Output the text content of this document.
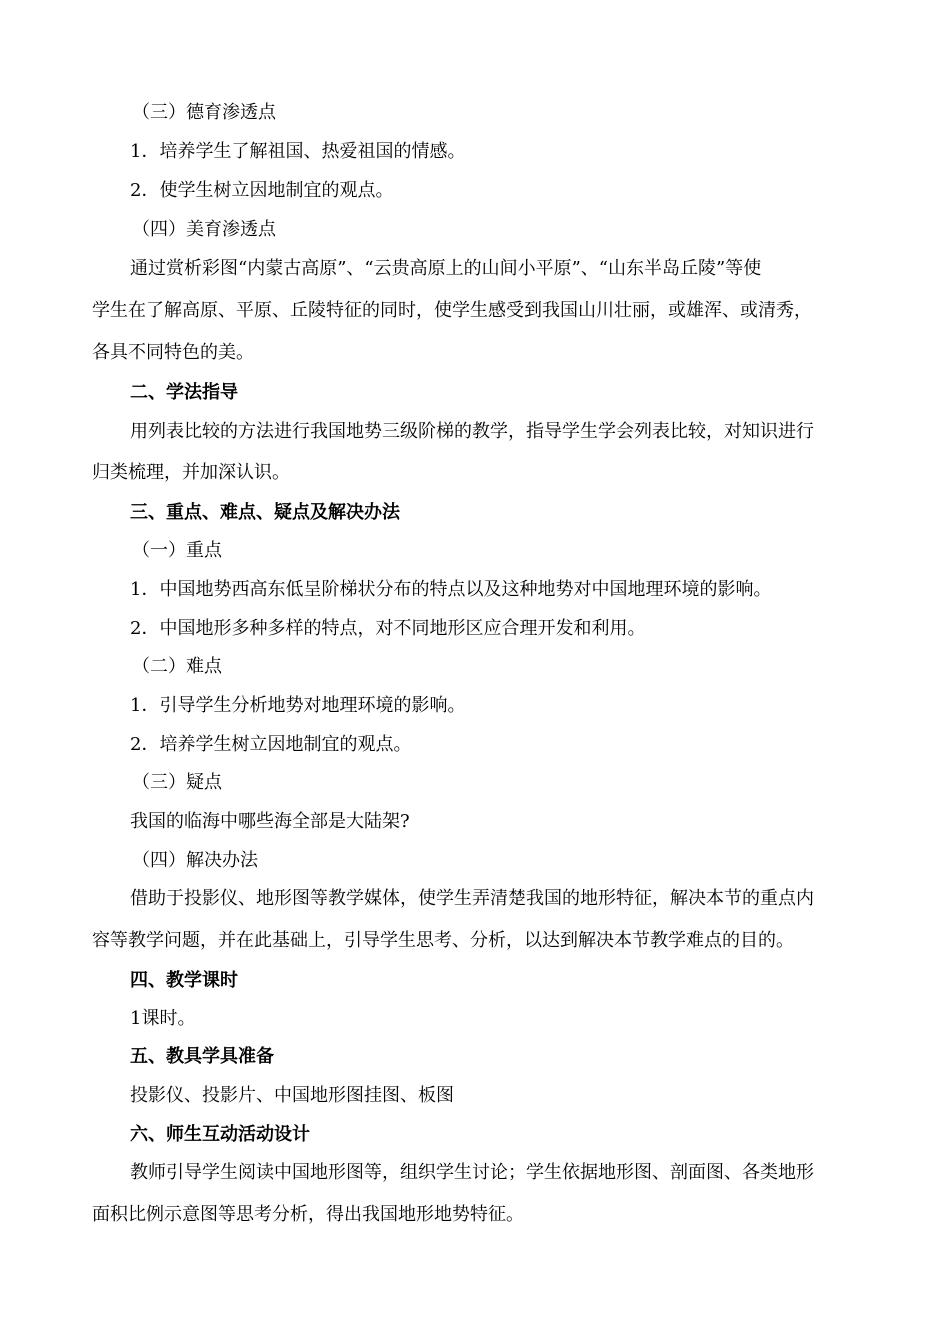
（三）德育渗透点
1．培养学生了解祖国、热爱祖国的情感。
2．使学生树立因地制宜的观点。
（四）美育渗透点
通过赏析彩图“内蒙古高原”、“云贵高原上的山间小平原”、“山东半岛丘陵”等使
学生在了解高原、平原、丘陵特征的同时，使学生感受到我国山川壮丽，或雄浑、或清秀，
各具不同特色的美。
二、学法指导
用列表比较的方法进行我国地势三级阶梯的教学，指导学生学会列表比较，对知识进行
归类梳理，并加深认识。
三、重点、难点、疑点及解决办法
（一）重点
1．中国地势西高东低呈阶梯状分布的特点以及这种地势对中国地理环境的影响。
2．中国地形多种多样的特点，对不同地形区应合理开发和利用。
（二）难点
1．引导学生分析地势对地理环境的影响。
2．培养学生树立因地制宜的观点。
（三）疑点
我国的临海中哪些海全部是大陆架?
（四）解决办法
借助于投影仪、地形图等教学媒体，使学生弄清楚我国的地形特征，解决本节的重点内
容等教学问题，并在此基础上，引导学生思考、分析，以达到解决本节教学难点的目的。
四、教学课时
1课时。
五、教具学具准备
投影仪、投影片、中国地形图挂图、板图
六、师生互动活动设计
教师引导学生阅读中国地形图等，组织学生讨论；学生依据地形图、剖面图、各类地形
面积比例示意图等思考分析，得出我国地形地势特征。
